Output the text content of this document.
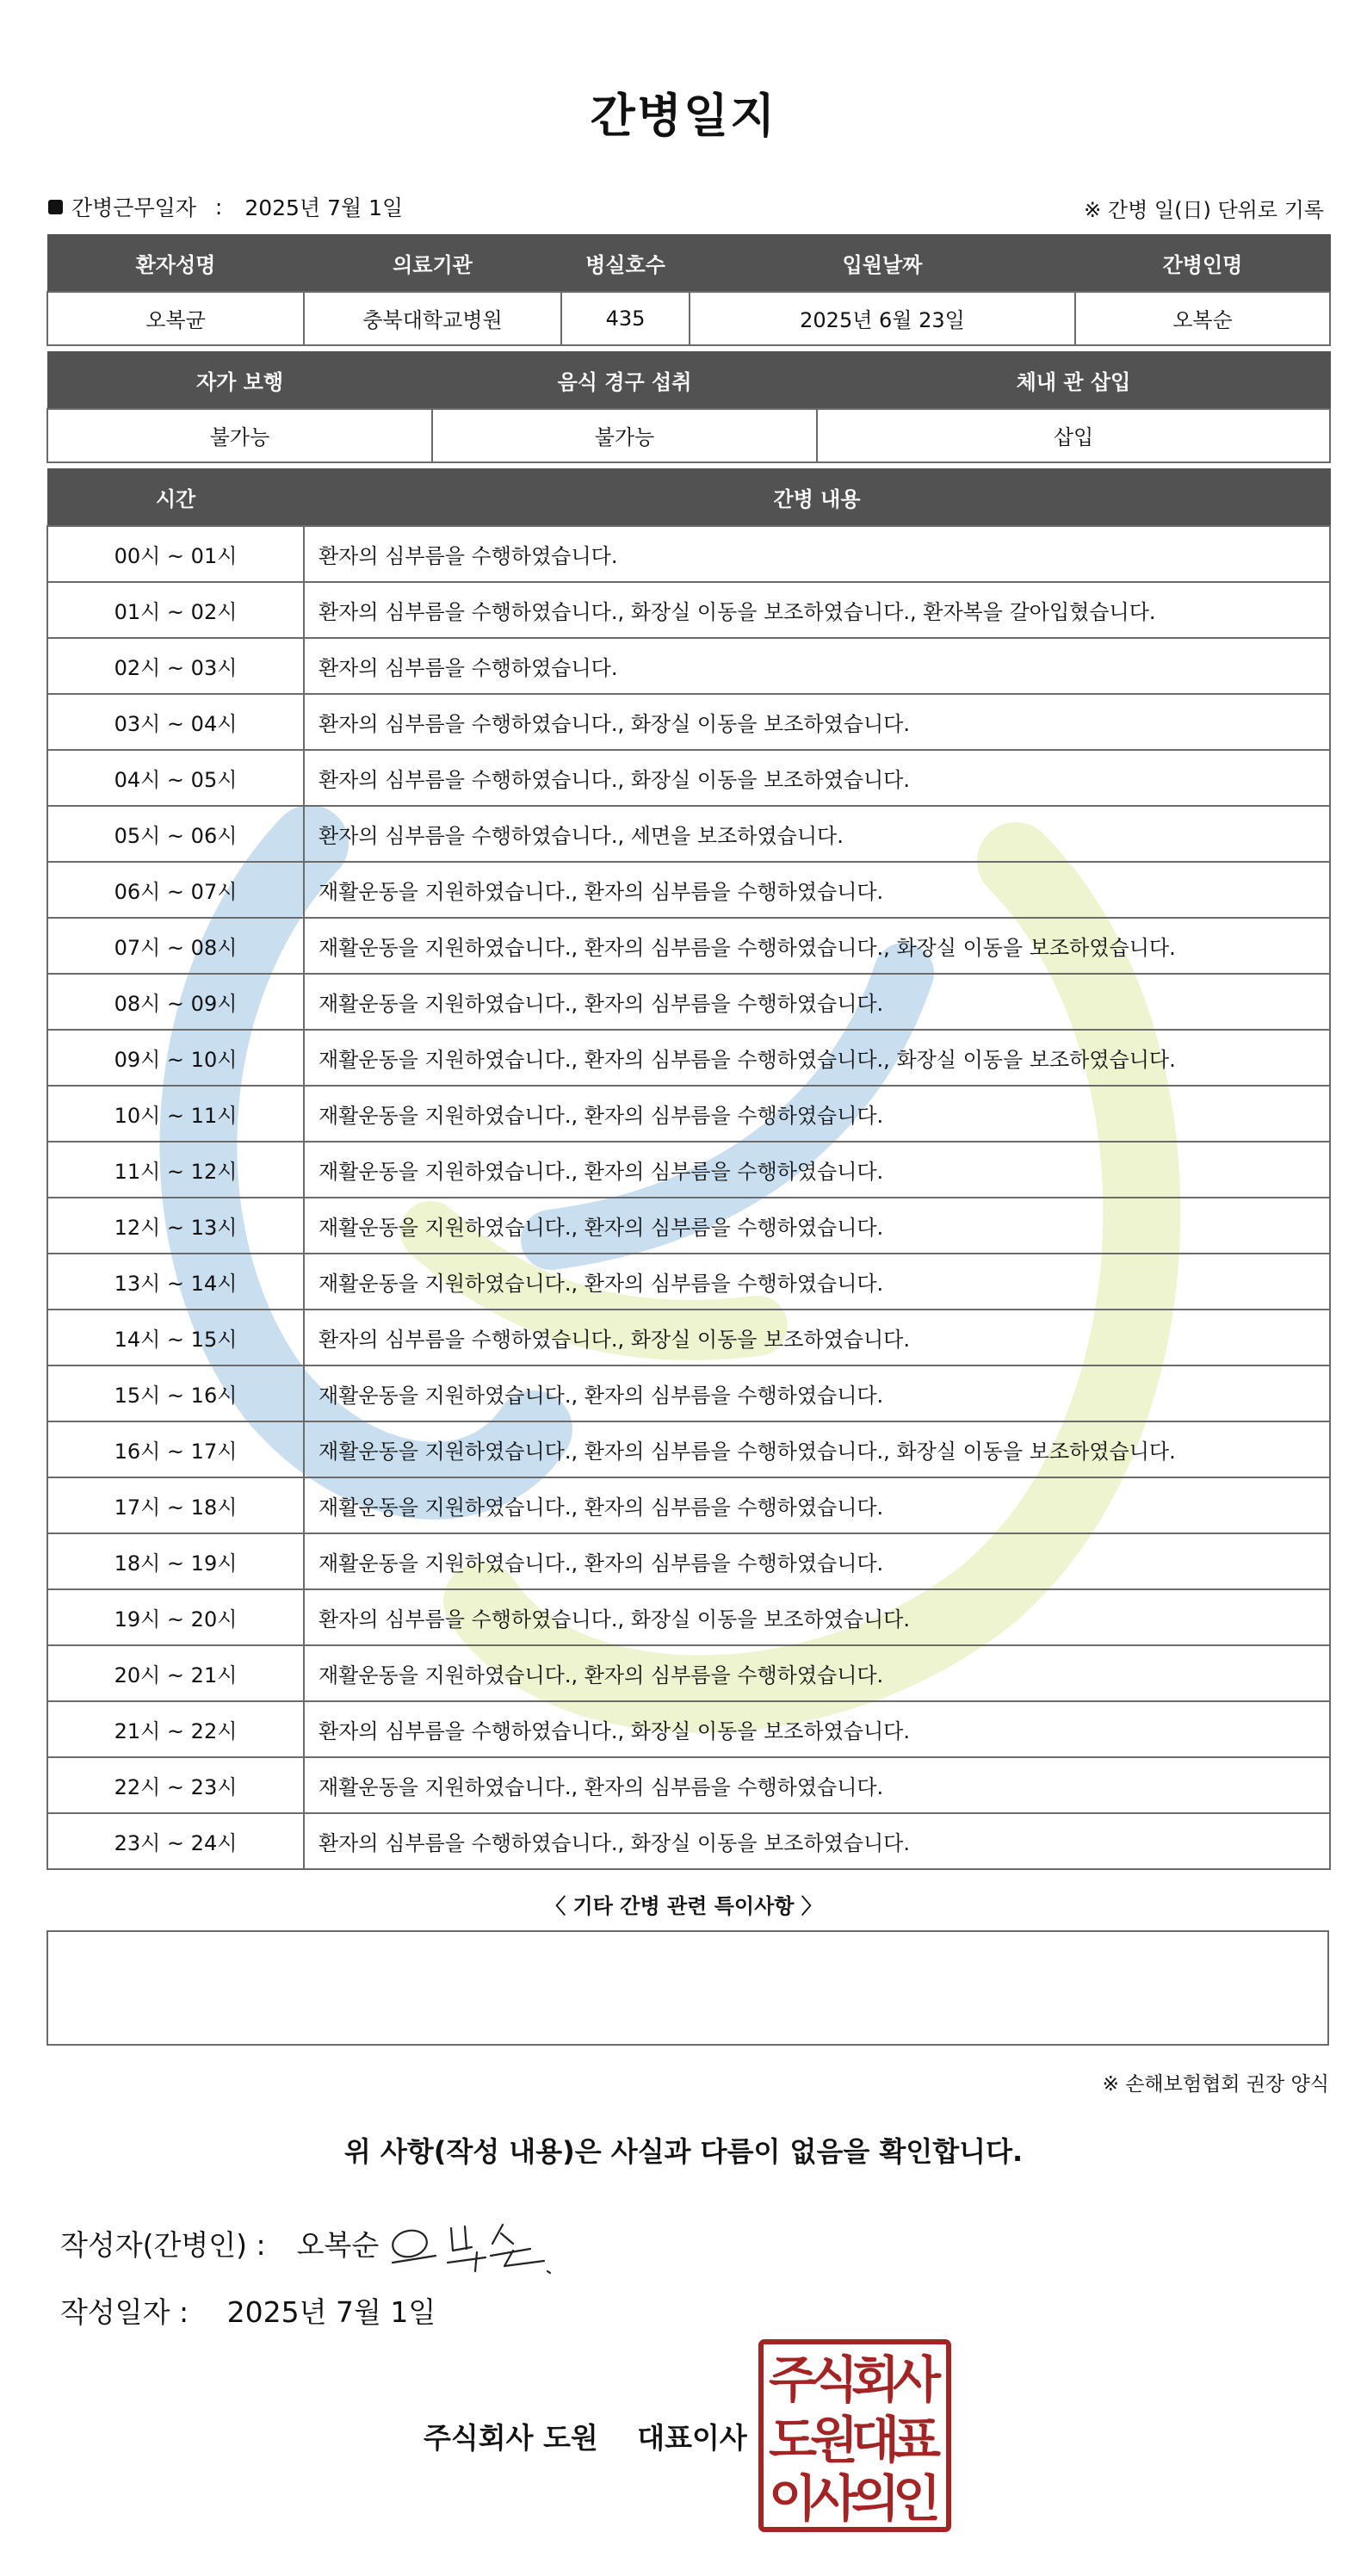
간병일지
간병근무일자 : 2025년 7월 1일	※ 간병 일(日) 단위로 기록
환자성명	의료기관	병실호수	입원날짜	간병인명
오복균	충북대학교병원	435	2025년 6월 23일	오복순
자가 보행	음식 경구 섭취	체내 관 삽입
불가능	불가능	삽입
시간	간병 내용
00시 ~ 01시	환자의 심부름을 수행하였습니다.
01시 ~ 02시	환자의 심부름을 수행하였습니다., 화장실 이동을 보조하였습니다., 환자복을 갈아입혔습니다.
02시 ~ 03시	환자의 심부름을 수행하였습니다.
03시 ~ 04시	환자의 심부름을 수행하였습니다., 화장실 이동을 보조하였습니다.
04시 ~ 05시	환자의 심부름을 수행하였습니다., 화장실 이동을 보조하였습니다.
05시 ~ 06시	환자의 심부름을 수행하였습니다., 세면을 보조하였습니다.
06시 ~ 07시	재활운동을 지원하였습니다., 환자의 심부름을 수행하였습니다.
07시 ~ 08시	재활운동을 지원하였습니다., 환자의 심부름을 수행하였습니다., 화장실 이동을 보조하였습니다.
08시 ~ 09시	재활운동을 지원하였습니다., 환자의 심부름을 수행하였습니다.
09시 ~ 10시	재활운동을 지원하였습니다., 환자의 심부름을 수행하였습니다., 화장실 이동을 보조하였습니다.
10시 ~ 11시	재활운동을 지원하였습니다., 환자의 심부름을 수행하였습니다.
11시 ~ 12시	재활운동을 지원하였습니다., 환자의 심부름을 수행하였습니다.
12시 ~ 13시	재활운동을 지원하였습니다., 환자의 심부름을 수행하였습니다.
13시 ~ 14시	재활운동을 지원하였습니다., 환자의 심부름을 수행하였습니다.
14시 ~ 15시	환자의 심부름을 수행하였습니다., 화장실 이동을 보조하였습니다.
15시 ~ 16시	재활운동을 지원하였습니다., 환자의 심부름을 수행하였습니다.
16시 ~ 17시	재활운동을 지원하였습니다., 환자의 심부름을 수행하였습니다., 화장실 이동을 보조하였습니다.
17시 ~ 18시	재활운동을 지원하였습니다., 환자의 심부름을 수행하였습니다.
18시 ~ 19시	재활운동을 지원하였습니다., 환자의 심부름을 수행하였습니다.
19시 ~ 20시	환자의 심부름을 수행하였습니다., 화장실 이동을 보조하였습니다.
20시 ~ 21시	재활운동을 지원하였습니다., 환자의 심부름을 수행하였습니다.
21시 ~ 22시	환자의 심부름을 수행하였습니다., 화장실 이동을 보조하였습니다.
22시 ~ 23시	재활운동을 지원하였습니다., 환자의 심부름을 수행하였습니다.
23시 ~ 24시	환자의 심부름을 수행하였습니다., 화장실 이동을 보조하였습니다.
〈 기타 간병 관련 특이사항 〉
※ 손해보험협회 권장 양식
위 사항(작성 내용)은 사실과 다름이 없음을 확인합니다.
작성자(간병인) : 오복순
작성일자 : 2025년 7월 1일
주식회사 도원 대표이사
주
식
회
사
도
원
대
표
이
사
의
인
